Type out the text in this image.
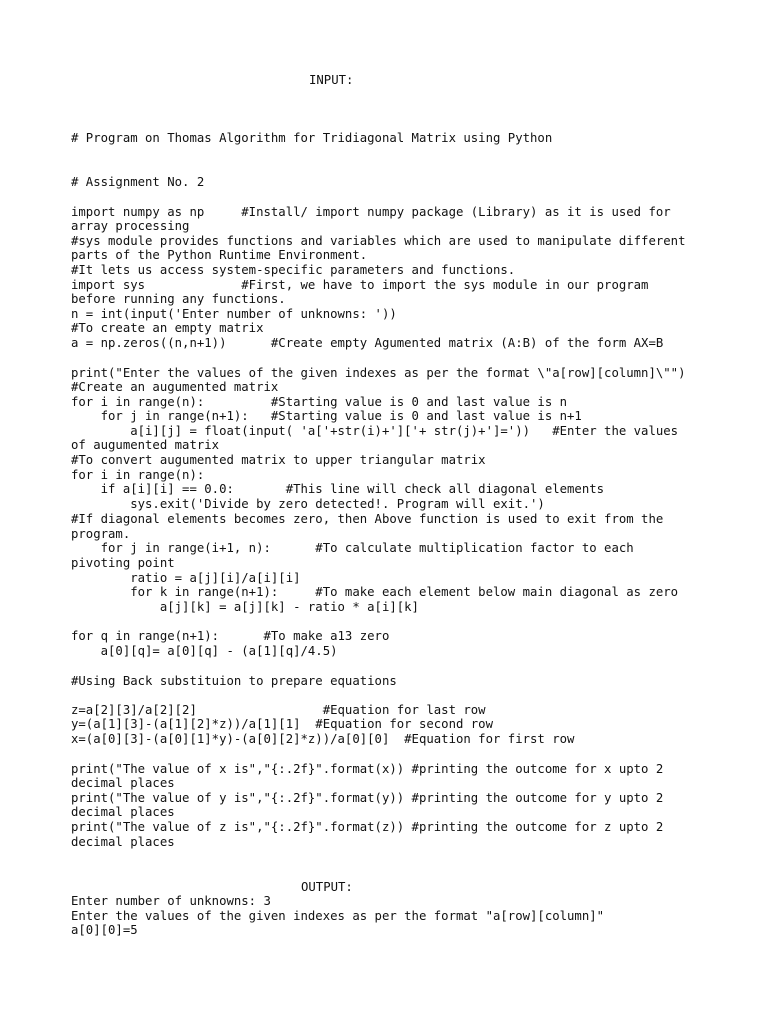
INPUT:
# Program on Thomas Algorithm for Tridiagonal Matrix using Python
# Assignment No. 2
import numpy as np     #Install/ import numpy package (Library) as it is used for
array processing
#sys module provides functions and variables which are used to manipulate different
parts of the Python Runtime Environment.
#It lets us access system-specific parameters and functions.
import sys             #First, we have to import the sys module in our program
before running any functions.
n = int(input('Enter number of unknowns: '))
#To create an empty matrix
a = np.zeros((n,n+1))      #Create empty Agumented matrix (A:B) of the form AX=B
print("Enter the values of the given indexes as per the format \"a[row][column]\"")
#Create an augumented matrix
for i in range(n):         #Starting value is 0 and last value is n
for j in range(n+1):   #Starting value is 0 and last value is n+1
a[i][j] = float(input( 'a['+str(i)+']['+ str(j)+']='))   #Enter the values
of augumented matrix
#To convert augumented matrix to upper triangular matrix
for i in range(n):
if a[i][i] == 0.0:       #This line will check all diagonal elements
sys.exit('Divide by zero detected!. Program will exit.')
#If diagonal elements becomes zero, then Above function is used to exit from the
program.
for j in range(i+1, n):      #To calculate multiplication factor to each
pivoting point
ratio = a[j][i]/a[i][i]
for k in range(n+1):     #To make each element below main diagonal as zero
a[j][k] = a[j][k] - ratio * a[i][k]
for q in range(n+1):      #To make a13 zero
a[0][q]= a[0][q] - (a[1][q]/4.5)
#Using Back substituion to prepare equations
z=a[2][3]/a[2][2]                 #Equation for last row
y=(a[1][3]-(a[1][2]*z))/a[1][1]  #Equation for second row
x=(a[0][3]-(a[0][1]*y)-(a[0][2]*z))/a[0][0]  #Equation for first row
print("The value of x is","{:.2f}".format(x)) #printing the outcome for x upto 2
decimal places
print("The value of y is","{:.2f}".format(y)) #printing the outcome for y upto 2
decimal places
print("The value of z is","{:.2f}".format(z)) #printing the outcome for z upto 2
decimal places
OUTPUT:
Enter number of unknowns: 3
Enter the values of the given indexes as per the format "a[row][column]"
a[0][0]=5
